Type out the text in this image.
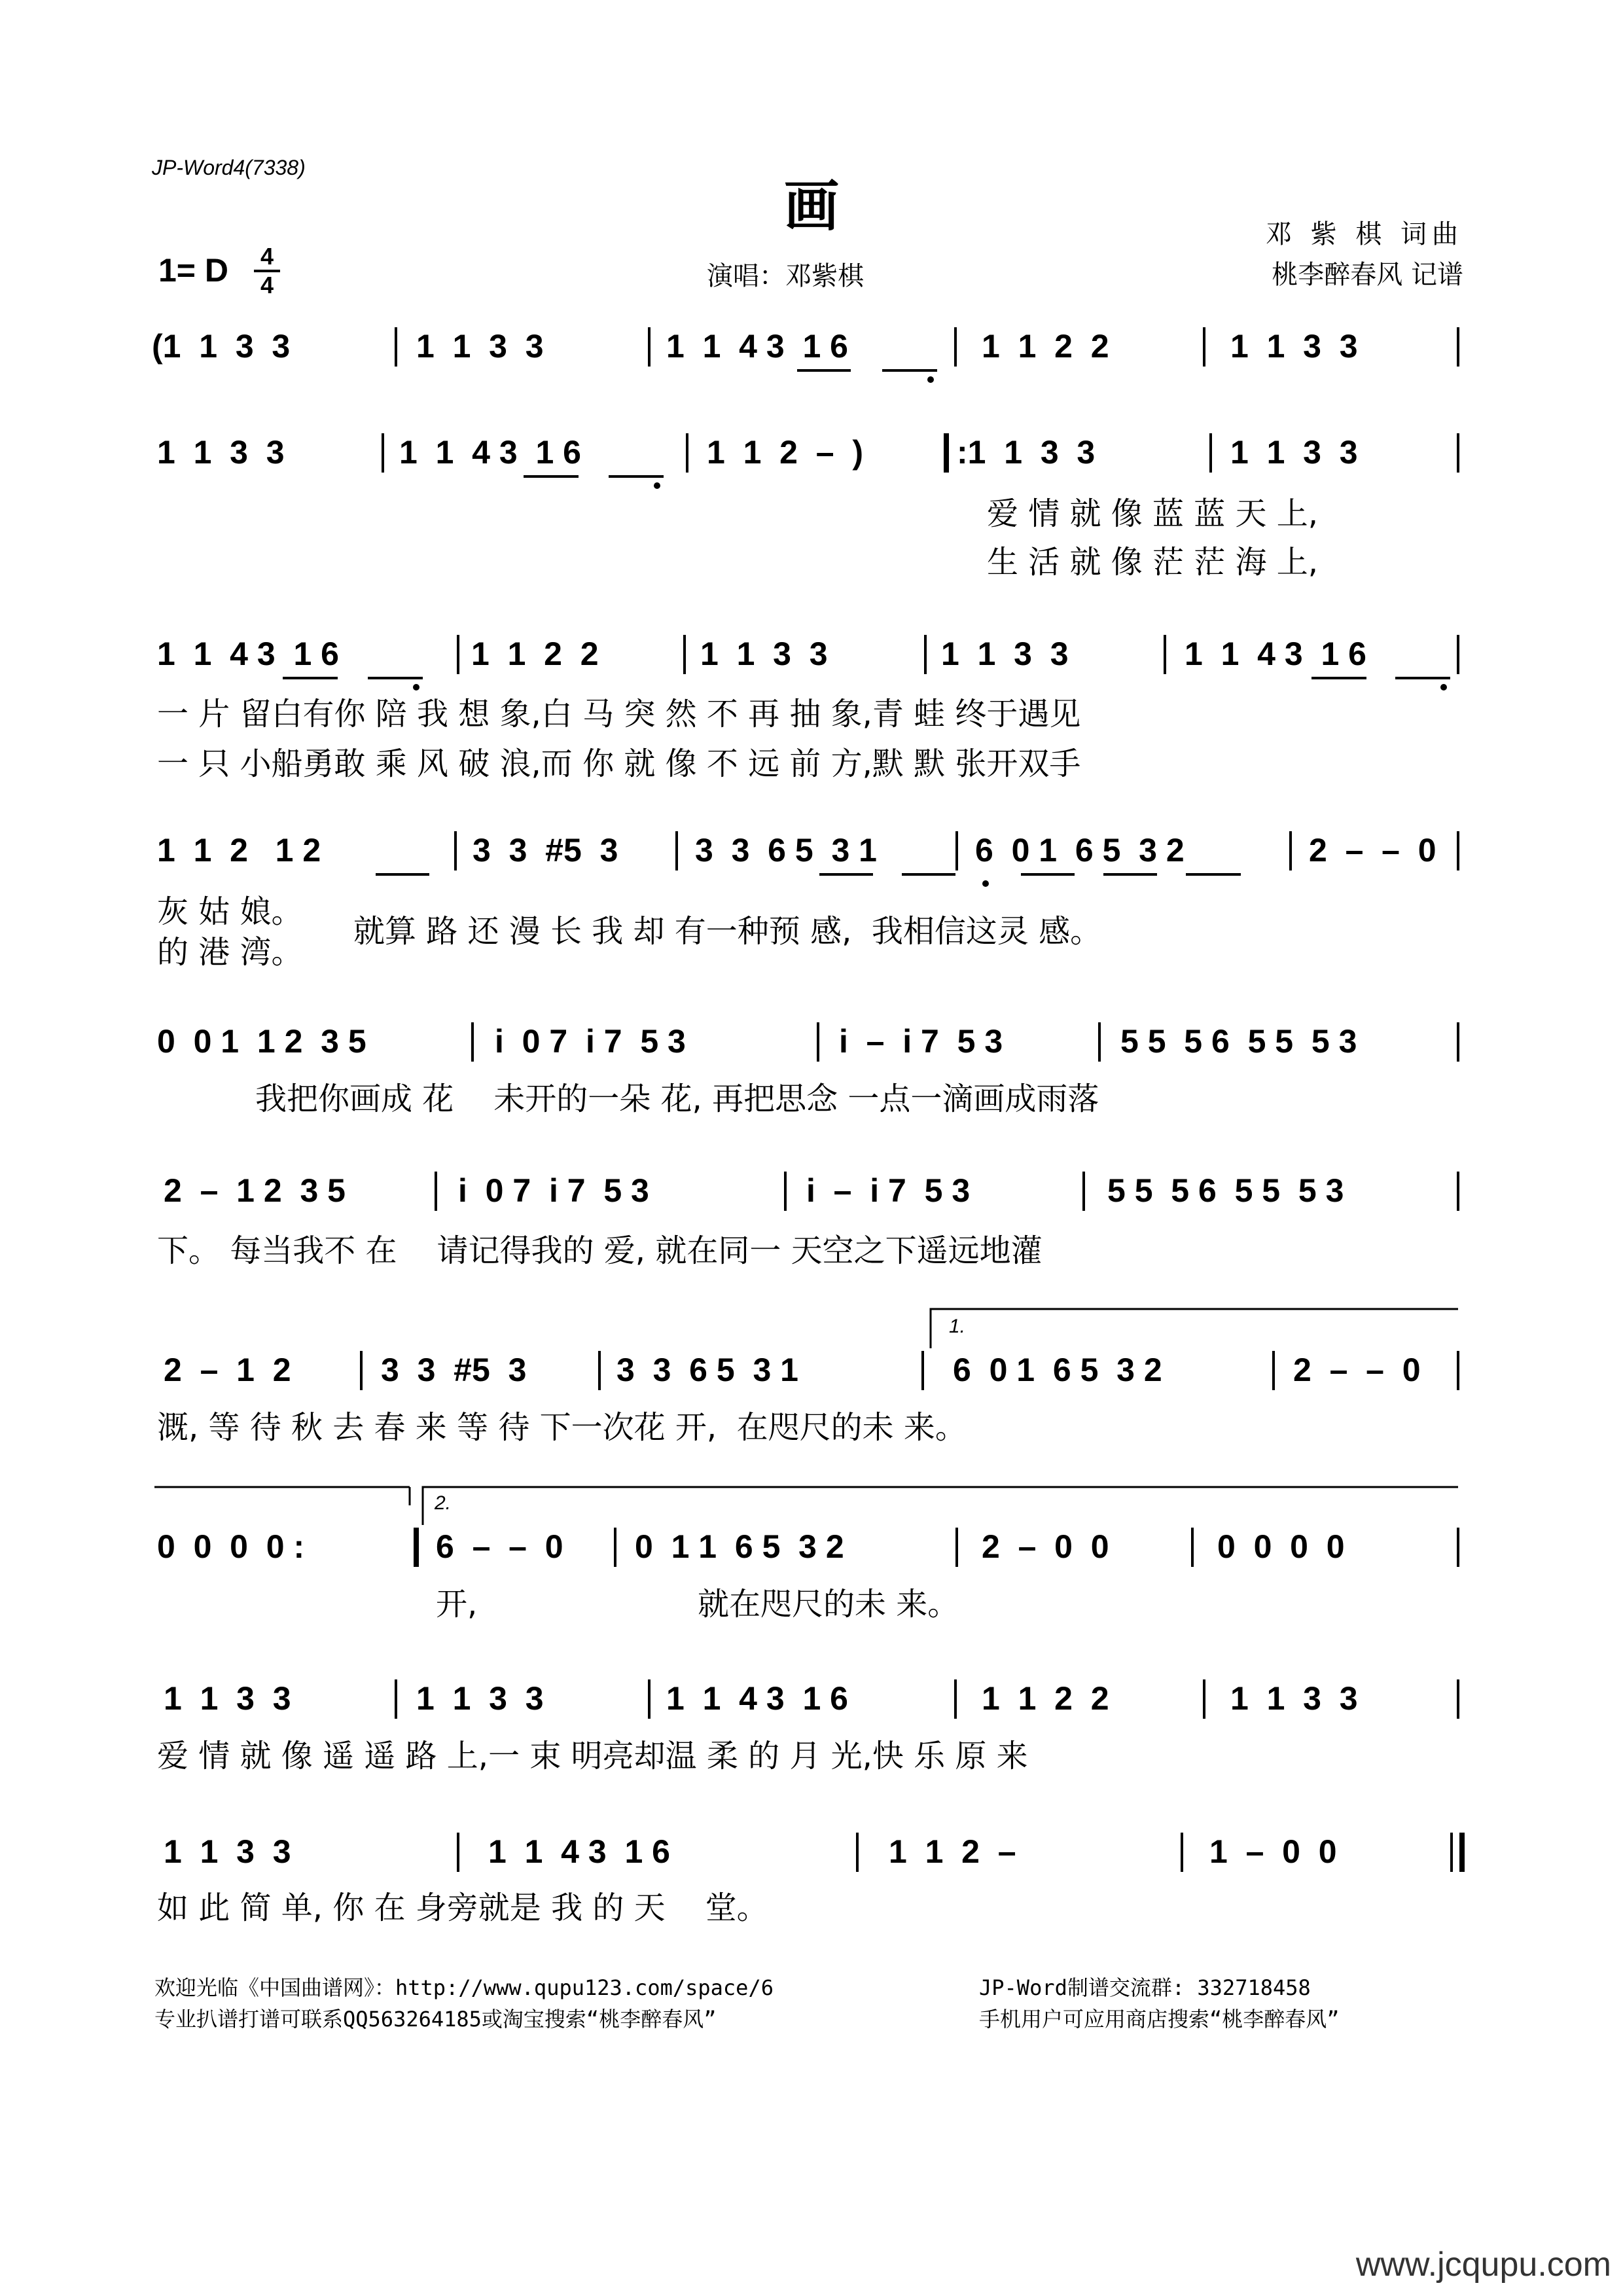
JP-Word4(7338)
画
1= D 4
4	演唱：邓紫棋
邓 紫 棋 词曲
桃李醉春风 记谱
(1  1  3  3	1  1  3  3	1  1  4 3  1 6	1  1  2  2	1  1  3  3
1  1  3  3	1  1  4 3  1 6	1  1  2  –  )	:1  1  3  3	1  1  3  3
爱 情 就 像 蓝 蓝 天 上,
生 活 就 像 茫 茫 海 上,
1  1  4 3  1 6	1  1  2  2	1  1  3  3	1  1  3  3	1  1  4 3  1 6
一 片 留白有你 陪 我 想 象,白 马 突 然 不 再 抽 象,青 蛙 终于遇见
一 只 小船勇敢 乘 风 破 浪,而 你 就 像 不 远 前 方,默 默 张开双手
1  1  2   1 2	3  3  #5  3 3  3  6 5  3 1	6  0 1  6 5  3 2	2  –  –  0
灰 姑 娘。
的 港 湾。
就算 路 还 漫 长 我 却 有一种预 感,  我相信这灵 感。
0  0 1  1 2  3 5	i  0 7  i 7  5 3	i  –  i 7  5 3	5 5  5 6  5 5  5 3
我把你画成 花    未开的一朵 花, 再把思念 一点一滴画成雨落
2  –  1 2  3 5	i  0 7  i 7  5 3	i  –  i 7  5 3	5 5  5 6  5 5  5 3
下。 每当我不 在    请记得我的 爱, 就在同一 天空之下遥远地灌
2  –  1  2	3  3  #5  3	3  3  6 5  3 1	6  0 1  6 5  3 2	2  –  –  0
1.
溉, 等 待 秋 去 春 来 等 待 下一次花 开,  在咫尺的未 来。
0  0  0  0 :	6  –  –  0 0  1 1  6 5  3 2	2  –  0  0	0  0  0  0
2.
开,	就在咫尺的未 来。
1  1  3  3	1  1  3  3	1  1  4 3  1 6	1  1  2  2	1  1  3  3
爱 情 就 像 遥 遥 路 上,一 束 明亮却温 柔 的 月 光,快 乐 原 来
1  1  3  3	1  1  4 3  1 6	1  1  2  –	1  –  0  0
如 此 简 单, 你 在 身旁就是 我 的 天    堂。
欢迎光临《中国曲谱网》：http://www.qupu123.com/space/6
专业扒谱打谱可联系QQ563264185或淘宝搜索“桃李醉春风”
JP-Word制谱交流群: 332718458
手机用户可应用商店搜索“桃李醉春风”
www.jcqupu.com
